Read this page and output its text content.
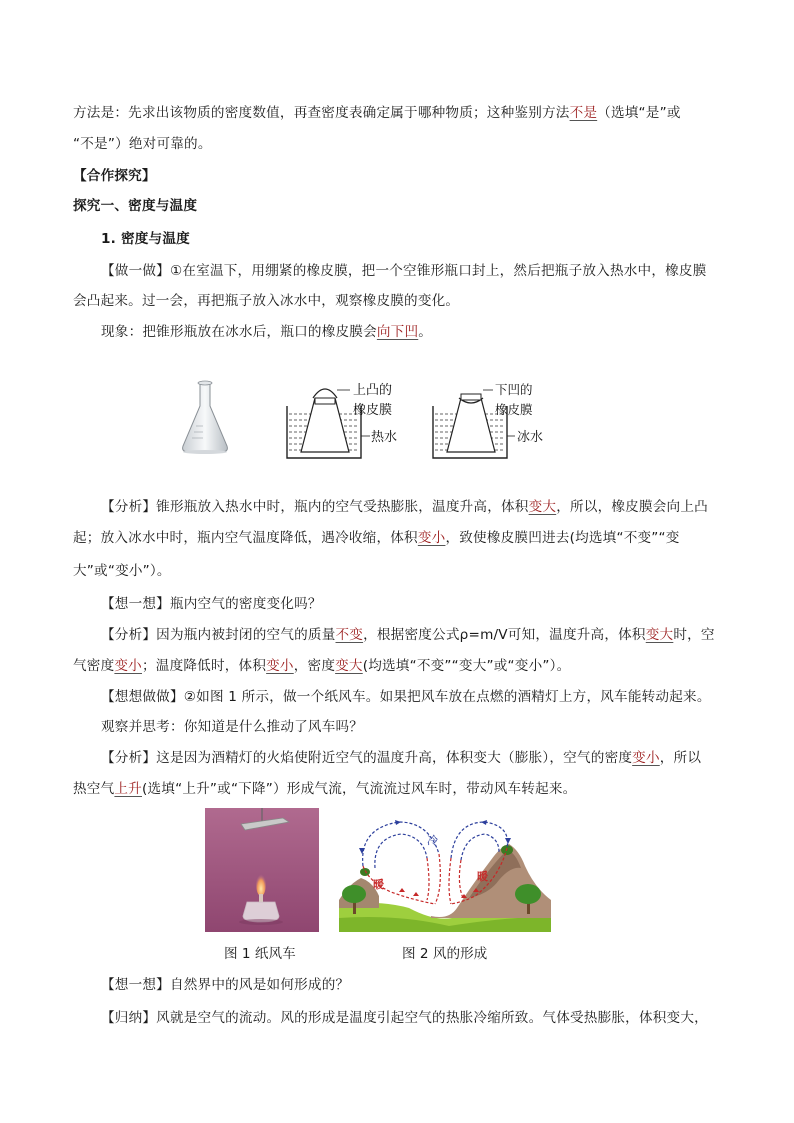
方法是：先求出该物质的密度数值，再查密度表确定属于哪种物质；这种鉴别方法不是（选填“是”或
“不是”）绝对可靠的。
【合作探究】
探究一、密度与温度
1. 密度与温度
【做一做】①在室温下，用绷紧的橡皮膜，把一个空锥形瓶口封上，然后把瓶子放入热水中，橡皮膜
会凸起来。过一会，再把瓶子放入冰水中，观察橡皮膜的变化。
现象：把锥形瓶放在冰水后，瓶口的橡皮膜会向下凹。
上凸的
橡皮膜
热水
下凹的
橡皮膜
冰水
【分析】锥形瓶放入热水中时，瓶内的空气受热膨胀，温度升高，体积变大，所以，橡皮膜会向上凸
起；放入冰水中时，瓶内空气温度降低，遇冷收缩，体积变小，致使橡皮膜凹进去(均选填“不变”“变
大”或“变小”）。
【想一想】瓶内空气的密度变化吗？
【分析】因为瓶内被封闭的空气的质量不变，根据密度公式ρ=m/V可知，温度升高，体积变大时，空
气密度变小；温度降低时，体积变小，密度变大(均选填“不变”“变大”或“变小”）。
【想想做做】②如图 1 所示，做一个纸风车。如果把风车放在点燃的酒精灯上方，风车能转动起来。
观察并思考：你知道是什么推动了风车吗？
【分析】这是因为酒精灯的火焰使附近空气的温度升高，体积变大（膨胀），空气的密度变小，所以
热空气上升(选填“上升”或“下降”）形成气流，气流流过风车时，带动风车转起来。
冷
暖
暖
图 1 纸风车	图 2 风的形成
【想一想】自然界中的风是如何形成的？
【归纳】风就是空气的流动。风的形成是温度引起空气的热胀冷缩所致。气体受热膨胀，体积变大，
